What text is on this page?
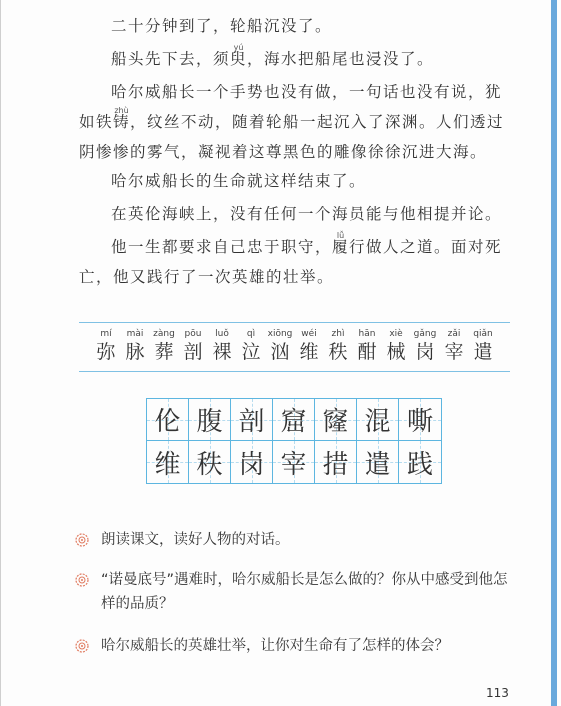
二十分钟到了，轮船沉没了。
船头先下去，须
yú
臾，海水把船尾也浸没了。
哈尔威船长一个手势也没有做，一句话也没有说，犹
如铁
zhù
铸，纹丝不动，随着轮船一起沉入了深渊。人们透过
阴惨惨的雾气，凝视着这尊黑色的雕像徐徐沉进大海。
哈尔威船长的生命就这样结束了。
在英伦海峡上，没有任何一个海员能与他相提并论。
他一生都要求自己忠于职守，
lǚ
履行做人之道。面对死
亡，他又践行了一次英雄的壮举。
mí
弥
mài
脉
zàng
葬
pōu
剖
luǒ
裸
qì
泣
xiōng
汹
wéi
维
zhì
秩
hān
酣
xiè
械
gǎng
岗
zǎi
宰
qiǎn
遣
伦 腹 剖 窟 窿 混 嘶
维 秩 岗 宰 措 遣 践
朗读课文，读好人物的对话。
“诺曼底号”遇难时，哈尔威船长是怎么做的？你从中感受到他怎样的品质？
哈尔威船长的英雄壮举，让你对生命有了怎样的体会？
113
